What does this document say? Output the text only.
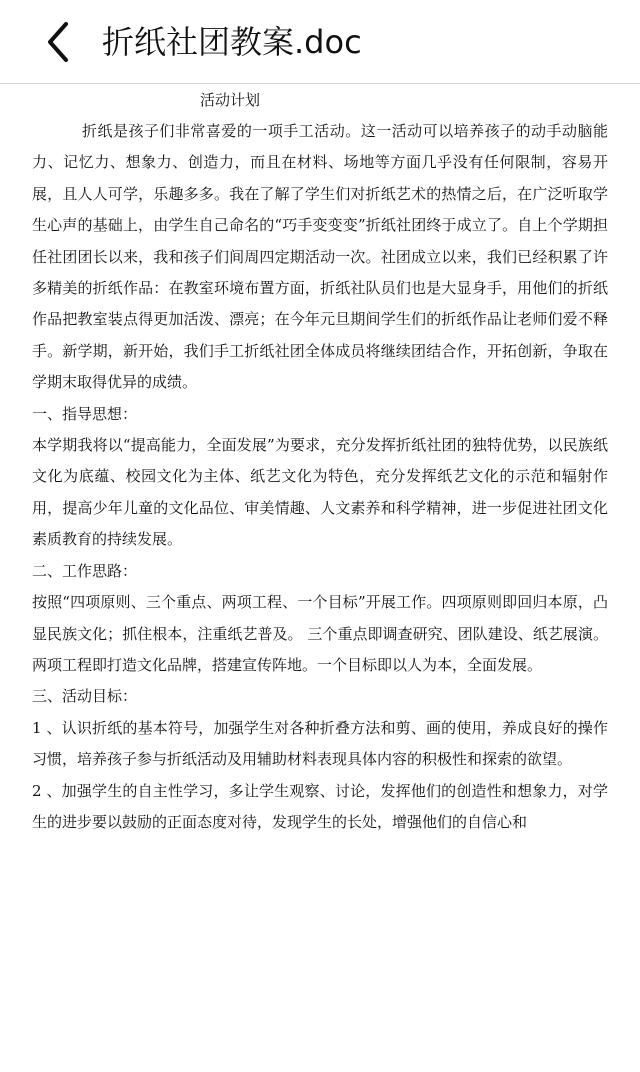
折纸社团教案.doc

活动计划

折纸是孩子们非常喜爱的一项手工活动。这一活动可以培养孩子的动手动脑能力、记忆力、想象力、创造力，而且在材料、场地等方面几乎没有任何限制，容易开展，且人人可学，乐趣多多。我在了解了学生们对折纸艺术的热情之后，在广泛听取学生心声的基础上，由学生自己命名的“巧手变变变”折纸社团终于成立了。自上个学期担任社团团长以来，我和孩子们间周四定期活动一次。社团成立以来，我们已经积累了许多精美的折纸作品：在教室环境布置方面，折纸社队员们也是大显身手，用他们的折纸作品把教室装点得更加活泼、漂亮；在今年元旦期间学生们的折纸作品让老师们爱不释手。新学期，新开始，我们手工折纸社团全体成员将继续团结合作，开拓创新，争取在学期末取得优异的成绩。

一、指导思想：

本学期我将以“提高能力，全面发展”为要求，充分发挥折纸社团的独特优势，以民族纸文化为底蕴、校园文化为主体、纸艺文化为特色，充分发挥纸艺文化的示范和辐射作用，提高少年儿童的文化品位、审美情趣、人文素养和科学精神，进一步促进社团文化素质教育的持续发展。

二、工作思路：

按照“四项原则、三个重点、两项工程、一个目标”开展工作。四项原则即回归本原，凸显民族文化；抓住根本，注重纸艺普及。 三个重点即调查研究、团队建设、纸艺展演。两项工程即打造文化品牌，搭建宣传阵地。一个目标即以人为本，全面发展。

三、活动目标：

1 、认识折纸的基本符号，加强学生对各种折叠方法和剪、画的使用，养成良好的操作习惯，培养孩子参与折纸活动及用辅助材料表现具体内容的积极性和探索的欲望。

2 、加强学生的自主性学习，多让学生观察、讨论，发挥他们的创造性和想象力，对学生的进步要以鼓励的正面态度对待，发现学生的长处，增强他们的自信心和
